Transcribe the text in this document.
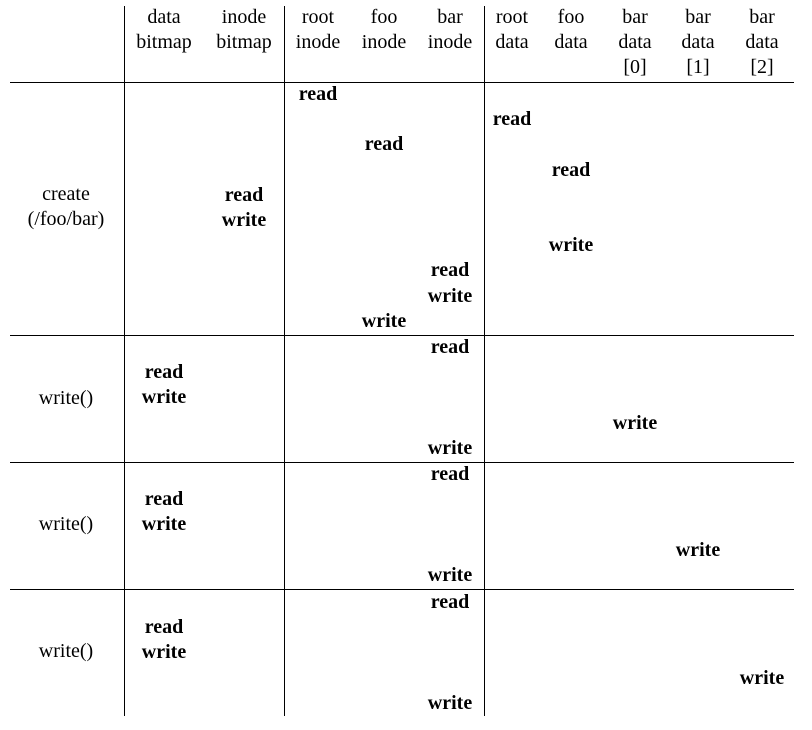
data
bitmap
inode
bitmap
root
inode
foo
inode
bar
inode
root
data
foo
data
bar
data
[0]
bar
data
[1]
bar
data
[2]
create
(/foo/bar)
read
read
read
read
read
write
write
read
write
write
write()
read
read
write
write
write
write()
read
read
write
write
write
write()
read
read
write
write
write
